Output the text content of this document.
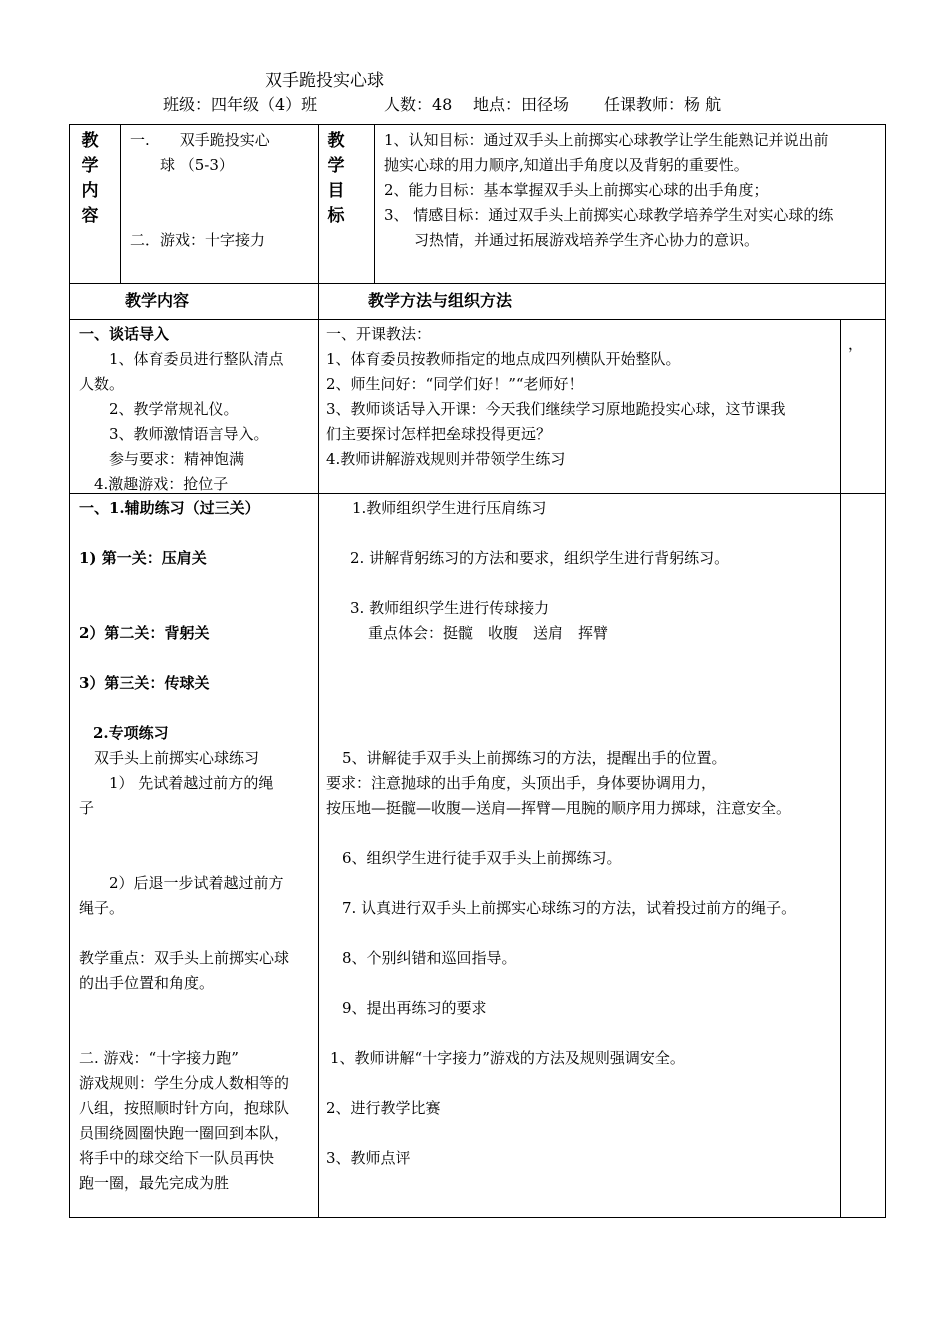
双手跪投实心球
班级：四年级（4）班	人数：48 地点：田径场 任课教师：杨 航
教
学
内
容

一.　　双手跪投实心

球 （5-3）

二．游戏：十字接力

教
学
目
标

1、认知目标：通过双手头上前掷实心球教学让学生能熟记并说出前

抛实心球的用力顺序,知道出手角度以及背躬的重要性。

2、能力目标：基本掌握双手头上前掷实心球的出手角度；

3、 情感目标：通过双手头上前掷实心球教学培养学生对实心球的练

习热情，并通过拓展游戏培养学生齐心协力的意识。

教学内容	教学方法与组织方法

一、谈话导入

　　1、体育委员进行整队清点

人数。

　　2、教学常规礼仪。

　　3、教师激情语言导入。

　　参与要求：精神饱满

　4.激趣游戏：抢位子

一、开课教法：

1、体育委员按教师指定的地点成四列横队开始整队。

2、师生问好：“同学们好！”“老师好！

3、教师谈话导入开课：今天我们继续学习原地跪投实心球，这节课我

们主要探讨怎样把垒球投得更远？

4.教师讲解游戏规则并带领学生练习

，

一、1.辅助练习（过三关）

1) 第一关：压肩关

2）第二关：背躬关

3）第三关：传球关

2.专项练习

　双手头上前掷实心球练习

　　1） 先试着越过前方的绳

子

　　2）后退一步试着越过前方

绳子。

教学重点：双手头上前掷实心球

的出手位置和角度。

二. 游戏：“十字接力跑”

游戏规则：学生分成人数相等的

八组，按照顺时针方向，抱球队

员围绕圆圈快跑一圈回到本队，

将手中的球交给下一队员再快

跑一圈，最先完成为胜

1.教师组织学生进行压肩练习

2. 讲解背躬练习的方法和要求，组织学生进行背躬练习。

3. 教师组织学生进行传球接力

重点体会：挺髋　收腹　送肩　挥臂

5、讲解徒手双手头上前掷练习的方法，提醒出手的位置。

要求：注意抛球的出手角度，头顶出手，身体要协调用力，

按压地—挺髋—收腹—送肩—挥臂—甩腕的顺序用力掷球，注意安全。

6、组织学生进行徒手双手头上前掷练习。

7. 认真进行双手头上前掷实心球练习的方法，试着投过前方的绳子。

8、个别纠错和巡回指导。

9、提出再练习的要求

1、教师讲解“十字接力”游戏的方法及规则强调安全。

2、进行教学比赛

3、教师点评
